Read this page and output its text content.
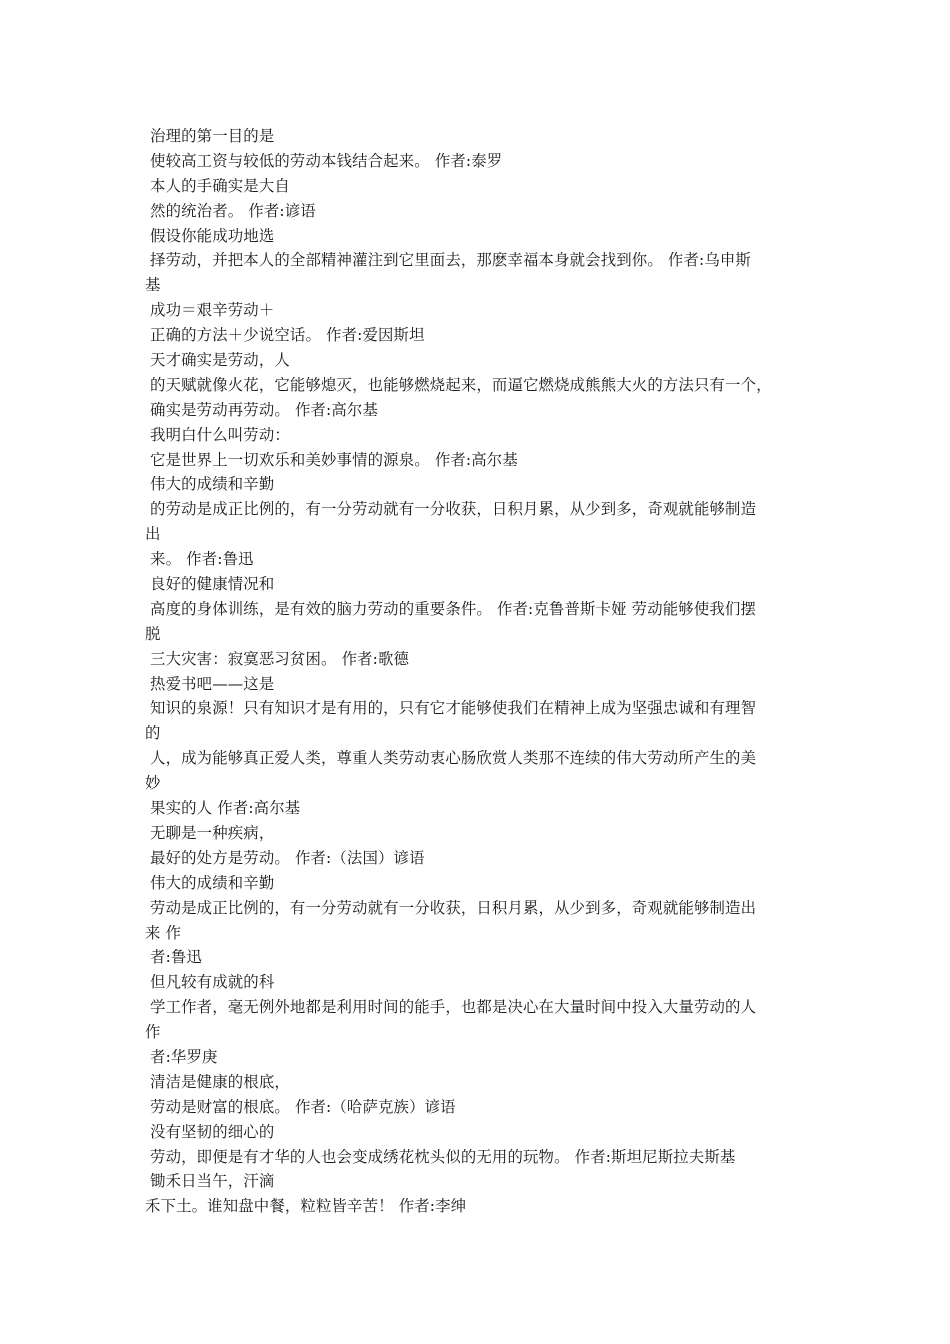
治理的第一目的是
使较高工资与较低的劳动本钱结合起来。 作者:泰罗
本人的手确实是大自
然的统治者。 作者:谚语
假设你能成功地选
择劳动，并把本人的全部精神灌注到它里面去，那麽幸福本身就会找到你。 作者:乌申斯
基
成功＝艰辛劳动＋
正确的方法＋少说空话。 作者:爱因斯坦
天才确实是劳动，人
的天赋就像火花，它能够熄灭，也能够燃烧起来，而逼它燃烧成熊熊大火的方法只有一个，
确实是劳动再劳动。 作者:高尔基
我明白什么叫劳动：
它是世界上一切欢乐和美妙事情的源泉。 作者:高尔基
伟大的成绩和辛勤
的劳动是成正比例的，有一分劳动就有一分收获，日积月累，从少到多，奇观就能够制造
出
来。 作者:鲁迅
良好的健康情况和
高度的身体训练，是有效的脑力劳动的重要条件。 作者:克鲁普斯卡娅 劳动能够使我们摆
脱
三大灾害：寂寞恶习贫困。 作者:歌德
热爱书吧——这是
知识的泉源！只有知识才是有用的，只有它才能够使我们在精神上成为坚强忠诚和有理智
的
人，成为能够真正爱人类，尊重人类劳动衷心肠欣赏人类那不连续的伟大劳动所产生的美
妙
果实的人 作者:高尔基
无聊是一种疾病，
最好的处方是劳动。 作者:（法国）谚语
伟大的成绩和辛勤
劳动是成正比例的，有一分劳动就有一分收获，日积月累，从少到多，奇观就能够制造出
来 作
者:鲁迅
但凡较有成就的科
学工作者，毫无例外地都是利用时间的能手，也都是决心在大量时间中投入大量劳动的人
作
者:华罗庚
清洁是健康的根底，
劳动是财富的根底。 作者:（哈萨克族）谚语
没有坚韧的细心的
劳动，即便是有才华的人也会变成绣花枕头似的无用的玩物。 作者:斯坦尼斯拉夫斯基
锄禾日当午，汗滴
禾下土。谁知盘中餐，粒粒皆辛苦！ 作者:李绅
